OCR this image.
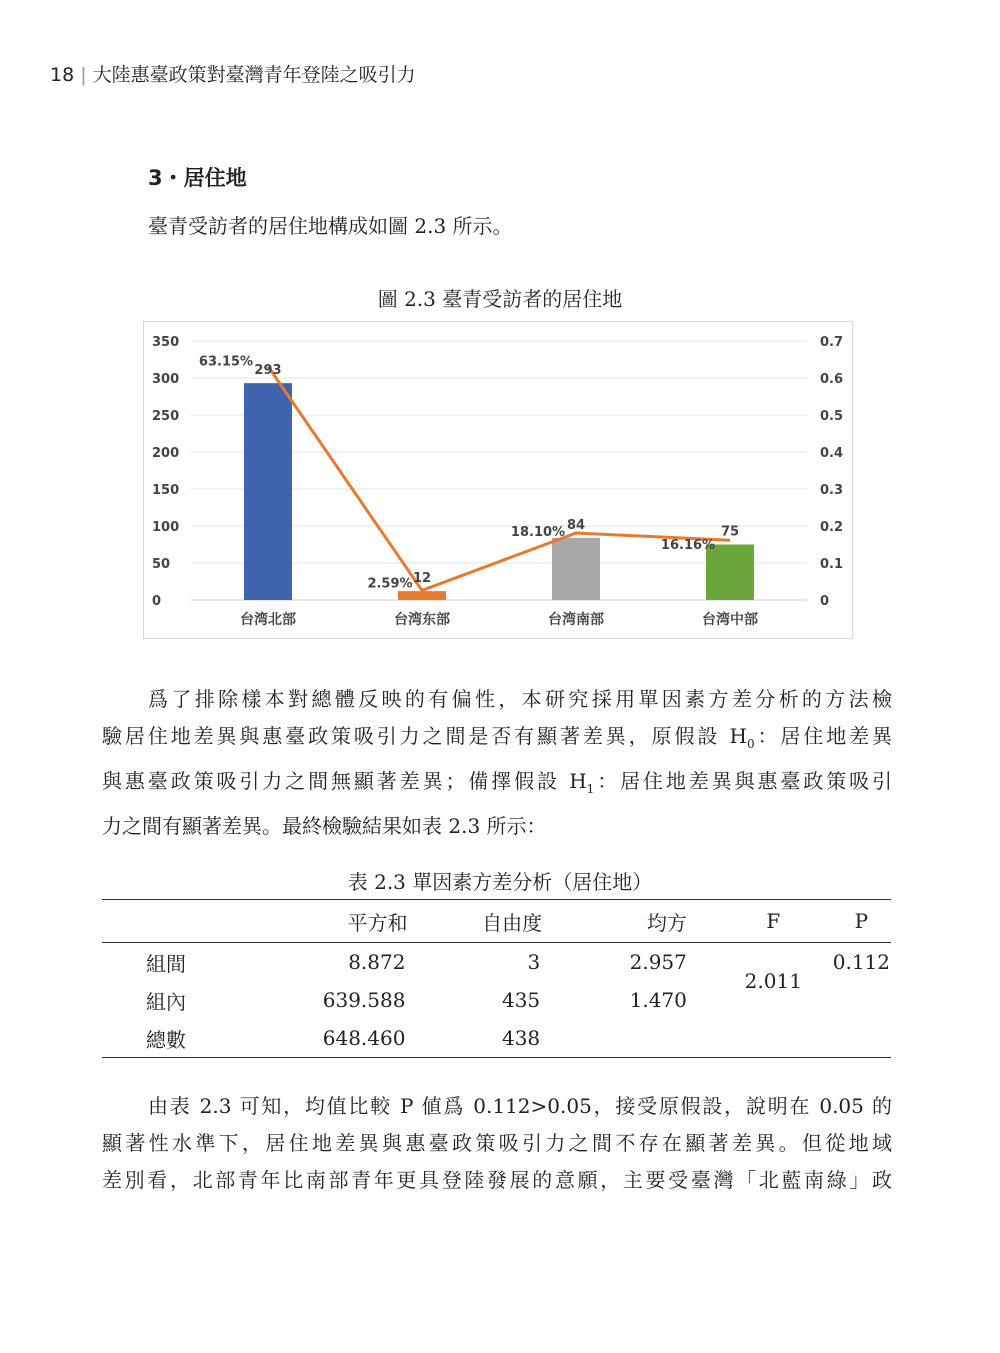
18 | 大陸惠臺政策對臺灣青年登陸之吸引力
3・居住地
臺青受訪者的居住地構成如圖 2.3 所示。
圖 2.3 臺青受訪者的居住地
0
50
100
150
200
250
300
350
0
0.1
0.2
0.3
0.4
0.5
0.6
0.7
台湾北部	台湾东部	台湾南部	台湾中部
293
12
84	75
63.15%
2.59%
18.10%
16.16%
爲了排除樣本對總體反映的有偏性，本研究採用單因素方差分析的方法檢
驗居住地差異與惠臺政策吸引力之間是否有顯著差異，原假設 $H_0$：居住地差異
與惠臺政策吸引力之間無顯著差異；備擇假設 $H_1$：居住地差異與惠臺政策吸引
力之間有顯著差異。最終檢驗結果如表 2.3 所示：
表 2.3 單因素方差分析（居住地）
	平方和	自由度	均方	F	P
組間	8.872	3	2.957	2.011	0.112
組內	639.588	435	1.470		
總數	648.460	438			
由表 2.3 可知，均值比較 P 値爲 0.112>0.05，接受原假設，說明在 0.05 的
顯著性水準下，居住地差異與惠臺政策吸引力之間不存在顯著差異。但從地域
差別看，北部青年比南部青年更具登陸發展的意願，主要受臺灣「北藍南綠」政
